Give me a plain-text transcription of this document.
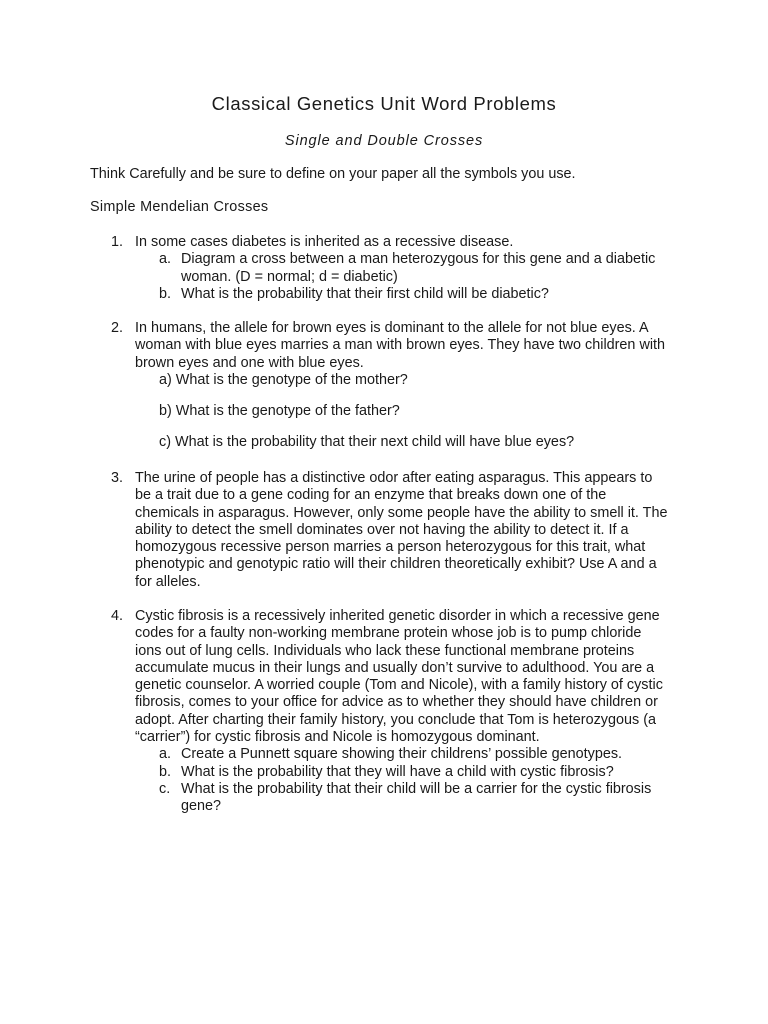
Classical Genetics Unit Word Problems
Single and Double Crosses
Think Carefully and be sure to define on your paper all the symbols you use.
Simple Mendelian Crosses
1. In some cases diabetes is inherited as a recessive disease.
a. Diagram a cross between a man heterozygous for this gene and a diabetic woman. (D = normal; d = diabetic)
b. What is the probability that their first child will be diabetic?
2. In humans, the allele for brown eyes is dominant to the allele for not blue eyes. A woman with blue eyes marries a man with brown eyes. They have two children with brown eyes and one with blue eyes.
a) What is the genotype of the mother?
b) What is the genotype of the father?
c) What is the probability that their next child will have blue eyes?
3. The urine of people has a distinctive odor after eating asparagus. This appears to be a trait due to a gene coding for an enzyme that breaks down one of the chemicals in asparagus. However, only some people have the ability to smell it. The ability to detect the smell dominates over not having the ability to detect it. If a homozygous recessive person marries a person heterozygous for this trait, what phenotypic and genotypic ratio will their children theoretically exhibit? Use A and a for alleles.
4. Cystic fibrosis is a recessively inherited genetic disorder in which a recessive gene codes for a faulty non-working membrane protein whose job is to pump chloride ions out of lung cells. Individuals who lack these functional membrane proteins accumulate mucus in their lungs and usually don’t survive to adulthood. You are a genetic counselor. A worried couple (Tom and Nicole), with a family history of cystic fibrosis, comes to your office for advice as to whether they should have children or adopt. After charting their family history, you conclude that Tom is heterozygous (a “carrier”) for cystic fibrosis and Nicole is homozygous dominant.
a. Create a Punnett square showing their childrens’ possible genotypes.
b. What is the probability that they will have a child with cystic fibrosis?
c. What is the probability that their child will be a carrier for the cystic fibrosis gene?
